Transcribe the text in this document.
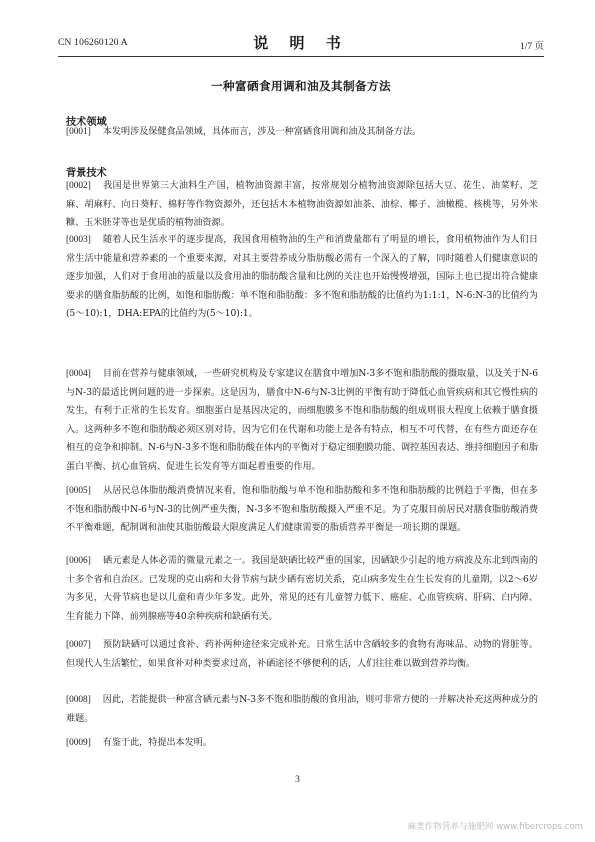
CN 106260120 A	说 明 书	1/7 页
一种富硒食用调和油及其制备方法
技术领域
[0001] 本发明涉及保健食品领域，具体而言，涉及一种富硒食用调和油及其制备方法。
背景技术
[0002] 我国是世界第三大油料生产国，植物油资源丰富，按常规划分植物油资源除包括大豆、花生、油菜籽、芝麻、胡麻籽、向日葵籽、棉籽等作物资源外，还包括木本植物油资源如油茶、油棕、椰子、油橄榄、核桃等，另外米糠、玉米胚芽等也是优质的植物油资源。
[0003] 随着人民生活水平的逐步提高，我国食用植物油的生产和消费量都有了明显的增长，食用植物油作为人们日常生活中能量和营养素的一个重要来源，对其主要营养成分脂肪酸必需有一个深入的了解，同时随着人们健康意识的逐步加强，人们对于食用油的质量以及食用油的脂肪酸含量和比例的关注也开始慢慢增强，国际上也已提出符合健康要求的膳食脂肪酸的比例，如饱和脂肪酸：单不饱和脂肪酸：多不饱和脂肪酸的比值约为1:1:1，N-6:N-3的比值约为(5～10):1，DHA:EPA的比值约为(5～10):1。
[0004] 目前在营养与健康领域，一些研究机构及专家建议在膳食中增加N-3多不饱和脂肪酸的摄取量，以及关于N-6与N-3的最适比例问题的进一步探索。这是因为，膳食中N-6与N-3比例的平衡有助于降低心血管疾病和其它慢性病的发生，有利于正常的生长发育。细胞蛋白是基因决定的，而细胞膜多不饱和脂肪酸的组成则很大程度上依赖于膳食摄入。这两种多不饱和脂肪酸必须区别对待，因为它们在代谢和功能上是各有特点，相互不可代替，在有些方面还存在相互的竞争和抑制。N-6与N-3多不饱和脂肪酸在体内的平衡对于稳定细胞膜功能、调控基因表达、维持细胞因子和脂蛋白平衡、抗心血管病、促进生长发育等方面起着重要的作用。
[0005] 从居民总体脂肪酸消费情况来看，饱和脂肪酸与单不饱和脂肪酸和多不饱和脂肪酸的比例趋于平衡，但在多不饱和脂肪酸中N-6与N-3的比例严重失衡，N-3多不饱和脂肪酸摄入严重不足。为了克服目前居民对膳食脂肪酸消费不平衡难题，配制调和油使其脂肪酸最大限度满足人们健康需要的脂质营养平衡是一项长期的课题。
[0006] 硒元素是人体必需的微量元素之一。我国是缺硒比较严重的国家，因硒缺少引起的地方病波及东北到西南的十多个省和自治区。已发现的克山病和大骨节病与缺少硒有密切关系，克山病多发生在生长发育的儿童期，以2～6岁为多见，大骨节病也是以儿童和青少年多发。此外，常见的还有儿童智力低下、癌症、心血管疾病、肝病、白内障、生育能力下降、前列腺癌等40余种疾病和缺硒有关。
[0007] 预防缺硒可以通过食补、药补两种途径来完成补充。日常生活中含硒较多的食物有海味品、动物的肾脏等。但现代人生活繁忙，如果食补对种类要求过高，补硒途径不够便利的话，人们往往难以做到营养均衡。
[0008] 因此，若能提供一种富含硒元素与N-3多不饱和脂肪酸的食用油，则可非常方便的一并解决补充这两种成分的难题。
[0009] 有鉴于此，特提出本发明。
3
麻类作物营养与施肥网 www.fibercrops.com
